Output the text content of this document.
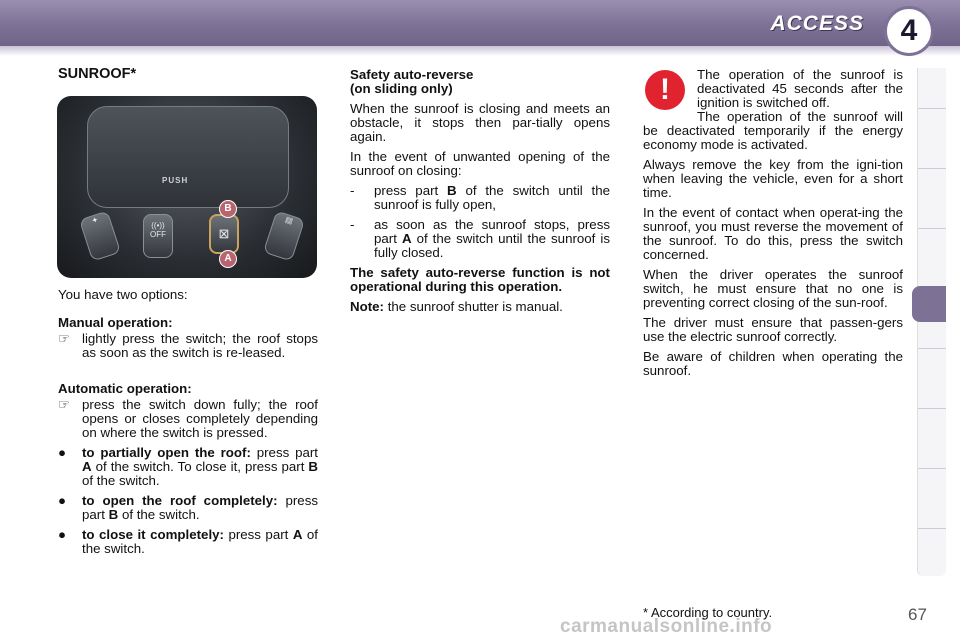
ACCESS	4
SUNROOF*
PUSH
✦	((•))
OFF	⊠
▤
B
A

You have two options:

Manual operation:

☞ lightly press the switch; the roof stops as soon as the switch is re-leased.

Automatic operation:

☞ press the switch down fully; the roof opens or closes completely depending on where the switch is pressed.
● to partially open the roof: press part A of the switch. To close it, press part B of the switch.
● to open the roof completely: press part B of the switch.
● to close it completely: press part A of the switch.

Safety auto-reverse
(on sliding only)

When the sunroof is closing and meets an obstacle, it stops then par-tially opens again.

In the event of unwanted opening of the sunroof on closing:

- press part B of the switch until the sunroof is fully open,
- as soon as the sunroof stops, press part A of the switch until the sunroof is fully closed.

The safety auto-reverse function is not operational during this operation.

Note: the sunroof shutter is manual.

!	The operation of the sunroof is deactivated 45 seconds after the ignition is switched off.

The operation of the sunroof will be deactivated temporarily if the energy economy mode is activated.

Always remove the key from the igni-tion when leaving the vehicle, even for a short time.

In the event of contact when operat-ing the sunroof, you must reverse the movement of the sunroof. To do this, press the switch concerned.

When the driver operates the sunroof switch, he must ensure that no one is preventing correct closing of the sun-roof.

The driver must ensure that passen-gers use the electric sunroof correctly.

Be aware of children when operating the sunroof.

carmanualsonline.info
* According to country.	67
